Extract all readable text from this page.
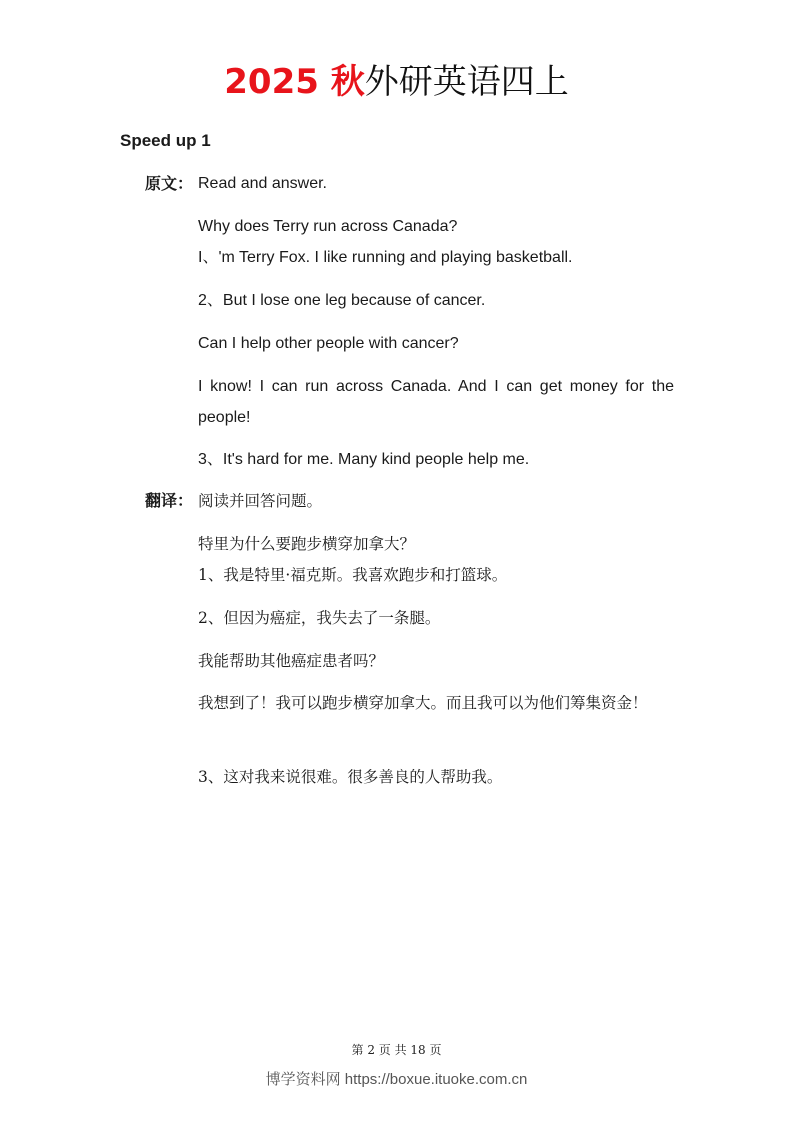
2025 秋外研英语四上
Speed up 1
原文： Read and answer.
Why does Terry run across Canada?
I、'm Terry Fox. I like running and playing basketball.
2、But I lose one leg because of cancer.
Can I help other people with cancer?
I know! I can run across Canada. And I can get money for the people!
3、It's hard for me. Many kind people help me.
翻译： 阅读并回答问题。
特里为什么要跑步横穿加拿大？
1、我是特里·福克斯。我喜欢跑步和打篮球。
2、但因为癌症，我失去了一条腿。
我能帮助其他癌症患者吗？
我想到了！我可以跑步横穿加拿大。而且我可以为他们筹集资金！
3、这对我来说很难。很多善良的人帮助我。
第 2 页 共 18 页
博学资料网 https://boxue.ituoke.com.cn
